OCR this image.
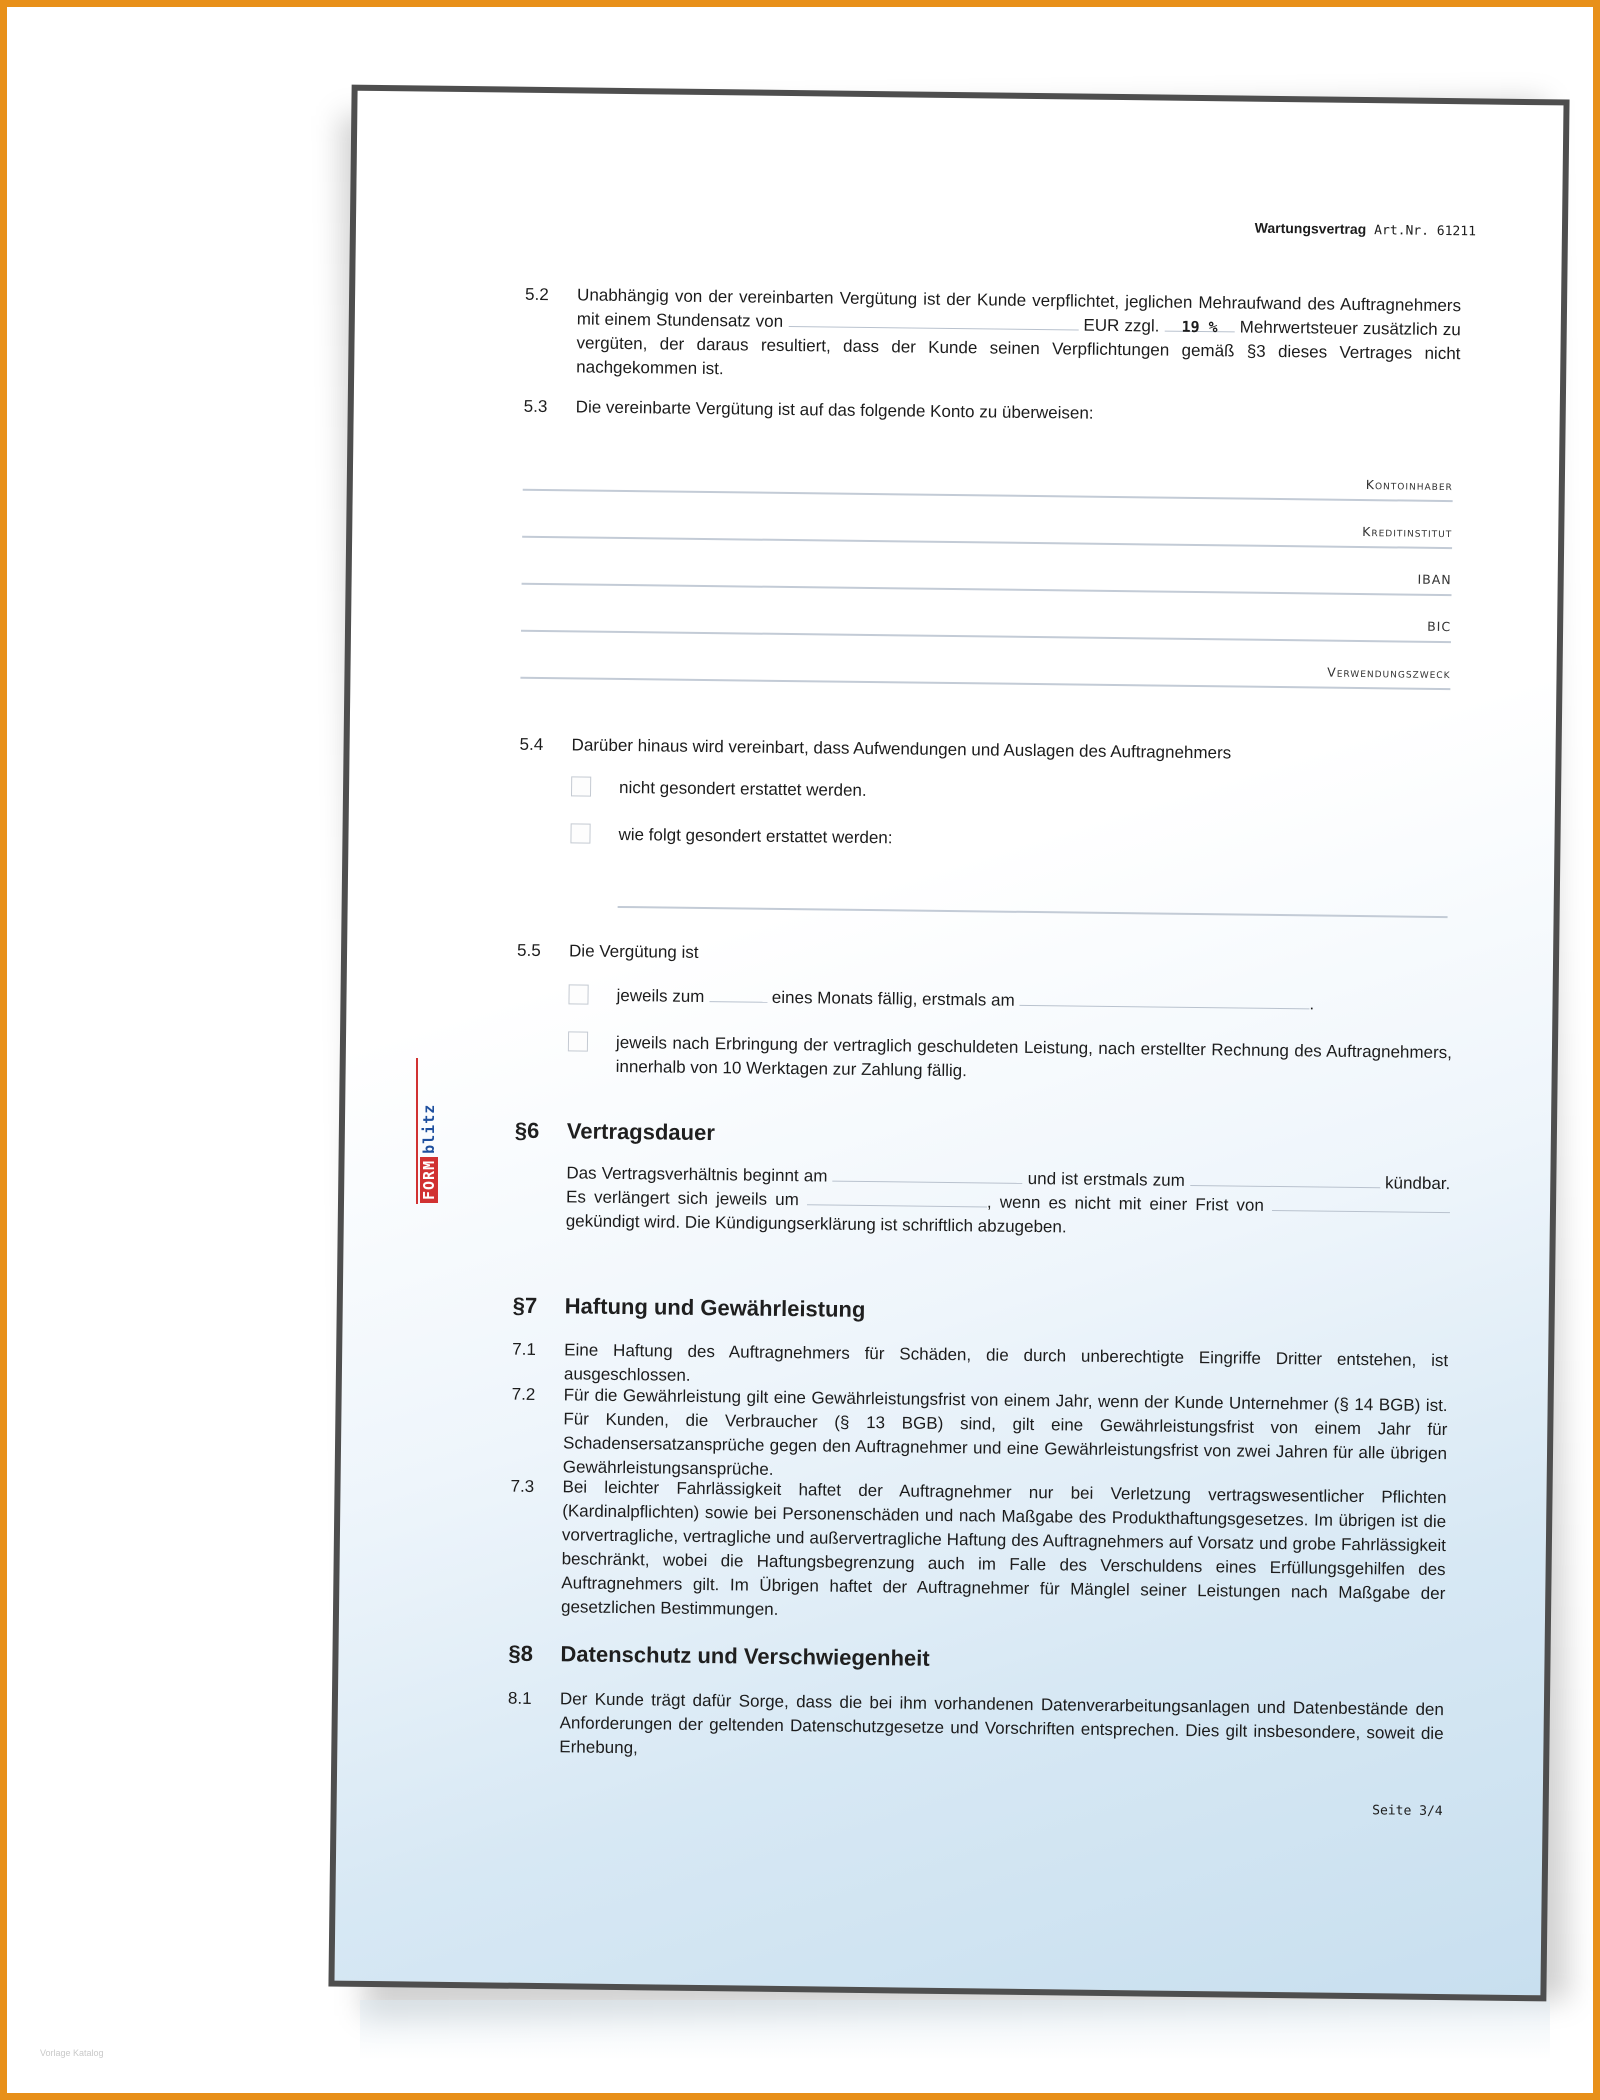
Wartungsvertrag Art.Nr. 61211
5.2 Unabhängig von der vereinbarten Vergütung ist der Kunde verpflichtet, jeglichen Mehraufwand des Auftragnehmers mit einem Stundensatz von	EUR zzgl. 19 % Mehrwertsteuer zusätzlich zu vergüten, der daraus resultiert, dass der Kunde seinen Verpflichtungen gemäß §3 dieses Vertrages nicht nachgekommen ist.
5.3 Die vereinbarte Vergütung ist auf das folgende Konto zu überweisen:
Kontoinhaber
Kreditinstitut
IBAN
BIC
Verwendungszweck
5.4 Darüber hinaus wird vereinbart, dass Aufwendungen und Auslagen des Auftragnehmers
nicht gesondert erstattet werden.
wie folgt gesondert erstattet werden:
5.5 Die Vergütung ist
jeweils zum	eines Monats fällig, erstmals am	.
jeweils nach Erbringung der vertraglich geschuldeten Leistung, nach erstellter Rechnung des Auftragnehmers, innerhalb von 10 Werktagen zur Zahlung fällig.
§6 Vertragsdauer
Das Vertragsverhältnis beginnt am	und ist erstmals zum	kündbar. Es verlängert sich jeweils um	, wenn es nicht mit einer Frist von  gekündigt wird. Die Kündigungserklärung ist schriftlich abzugeben.
§7 Haftung und Gewährleistung
7.1 Eine Haftung des Auftragnehmers für Schäden, die durch unberechtigte Eingriffe Dritter entstehen, ist ausgeschlossen.
7.2 Für die Gewährleistung gilt eine Gewährleistungsfrist von einem Jahr, wenn der Kunde Unternehmer (§ 14 BGB) ist. Für Kunden, die Verbraucher (§ 13 BGB) sind, gilt eine Gewährleistungsfrist von einem Jahr für Schadensersatzansprüche gegen den Auftragnehmer und eine Gewährleistungsfrist von zwei Jahren für alle übrigen Gewährleistungsansprüche.
7.3 Bei leichter Fahrlässigkeit haftet der Auftragnehmer nur bei Verletzung vertragswesentlicher Pflichten (Kardinalpflichten) sowie bei Personenschäden und nach Maßgabe des Produkthaftungsgesetzes. Im übrigen ist die vorvertragliche, vertragliche und außervertragliche Haftung des Auftragnehmers auf Vorsatz und grobe Fahrlässigkeit beschränkt, wobei die Haftungsbegrenzung auch im Falle des Verschuldens eines Erfüllungsgehilfen des Auftragnehmers gilt. Im Übrigen haftet der Auftragnehmer für Mänglel seiner Leistungen nach Maßgabe der gesetzlichen Bestimmungen.
§8 Datenschutz und Verschwiegenheit
8.1 Der Kunde trägt dafür Sorge, dass die bei ihm vorhandenen Datenverarbeitungsanlagen und Datenbestände den Anforderungen der geltenden Datenschutzgesetze und Vorschriften entsprechen. Dies gilt insbesondere, soweit die Erhebung,
Seite 3/4
FORMblitz
Vorlage Katalog
